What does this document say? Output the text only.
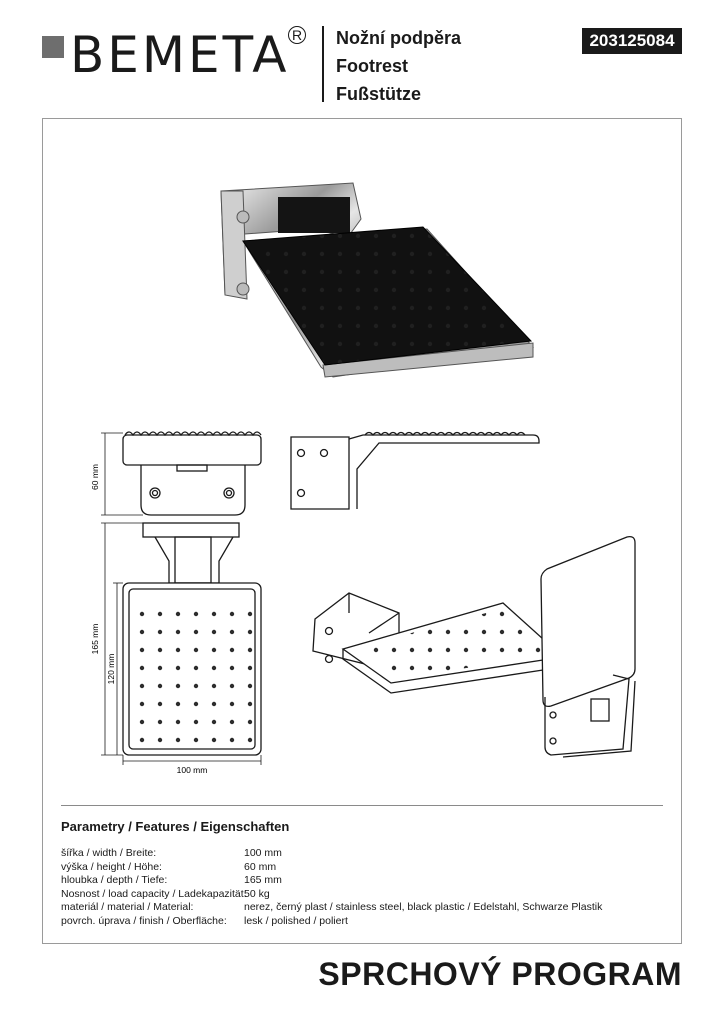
BEMETA R Nožní podpěra
Footrest
Fußstütze
203125084
60 mm
165 mm
120 mm
100 mm
Parametry / Features / Eigenschaften
šířka / width / Breite:	100 mm
výška / height / Höhe:	60 mm
hloubka / depth / Tiefe:	165 mm
Nosnost / load capacity / Ladekapazität:
50 kg
materiál / material / Material:	nerez, černý plast / stainless steel, black plastic / Edelstahl, Schwarze Plastik
povrch. úprava / finish / Oberfläche:	lesk / polished / poliert
SPRCHOVÝ PROGRAM
